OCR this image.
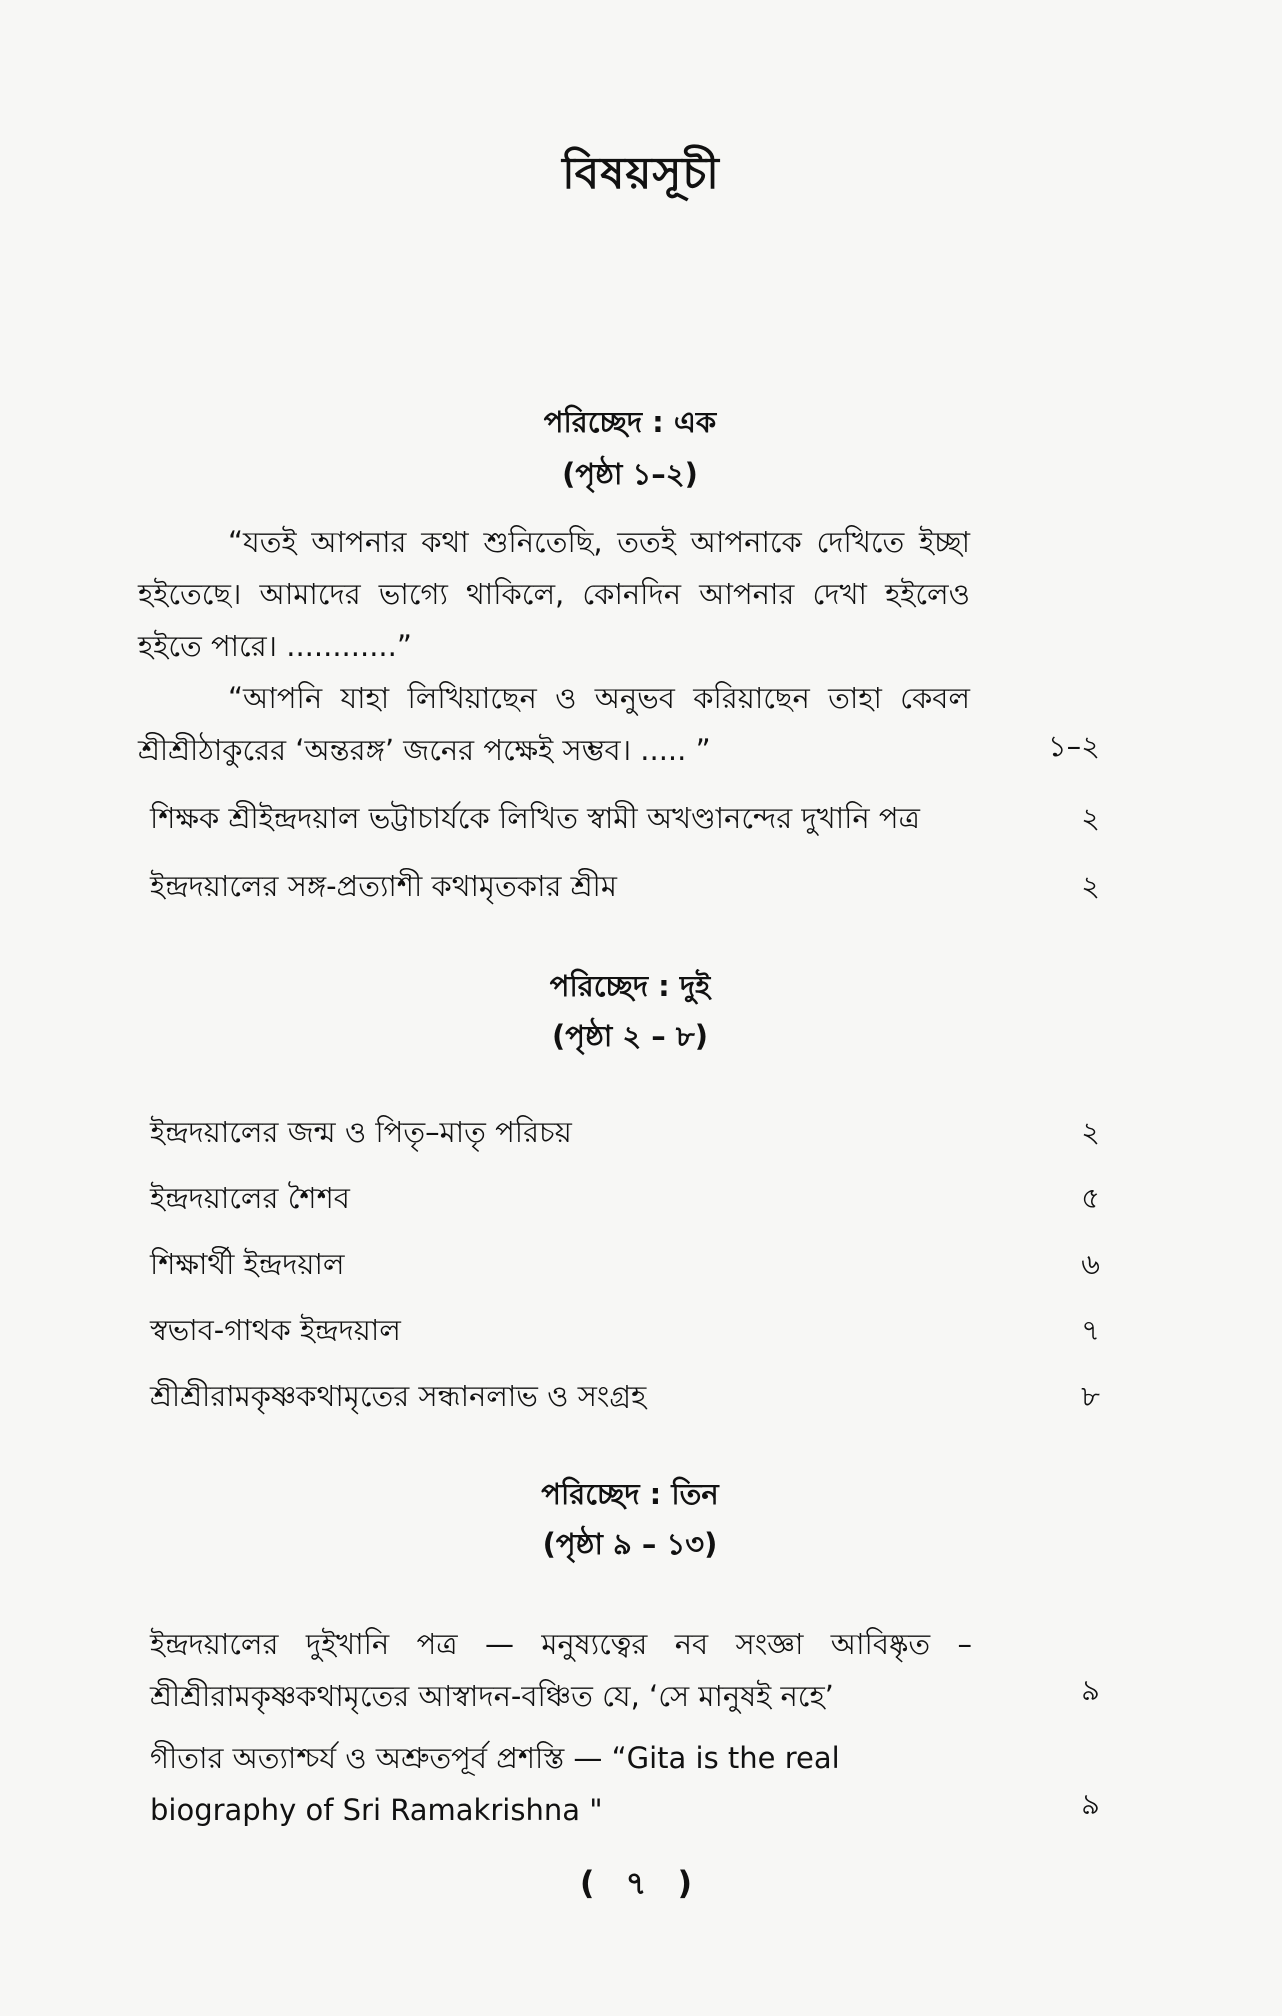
বিষয়সূচী
পরিচ্ছেদ : এক
(পৃষ্ঠা ১–২)

“যতই আপনার কথা শুনিতেছি, ততই আপনাকে দেখিতে ইচ্ছা হইতেছে। আমাদের ভাগ্যে থাকিলে, কোনদিন আপনার দেখা হইলেও হইতে পারে। ............”

“আপনি যাহা লিখিয়াছেন ও অনুভব করিয়াছেন তাহা কেবল শ্রীশ্রীঠাকুরের ‘অন্তরঙ্গ’ জনের পক্ষেই সম্ভব। ..... ”	১–২
শিক্ষক শ্রীইন্দ্রদয়াল ভট্টাচার্যকে লিখিত স্বামী অখণ্ডানন্দের দুখানি পত্র	২
ইন্দ্রদয়ালের সঙ্গ-প্রত্যাশী কথামৃতকার শ্রীম	২
পরিচ্ছেদ : দুই
(পৃষ্ঠা ২ – ৮)
ইন্দ্রদয়ালের জন্ম ও পিতৃ–মাতৃ পরিচয়	২
ইন্দ্রদয়ালের শৈশব	৫
শিক্ষার্থী ইন্দ্রদয়াল	৬
স্বভাব-গাথক ইন্দ্রদয়াল	৭
শ্রীশ্রীরামকৃষ্ণকথামৃতের সন্ধানলাভ ও সংগ্রহ	৮
পরিচ্ছেদ : তিন
(পৃষ্ঠা ৯ – ১৩)
ইন্দ্রদয়ালের দুইখানি পত্র — মনুষ্যত্বের নব সংজ্ঞা আবিষ্কৃত – শ্রীশ্রীরামকৃষ্ণকথামৃতের আস্বাদন-বঞ্চিত যে, ‘সে মানুষই নহে’	৯
গীতার অত্যাশ্চর্য ও অশ্রুতপূর্ব প্রশস্তি — “Gita is the real biography of Sri Ramakrishna "	৯
( ৭ )
